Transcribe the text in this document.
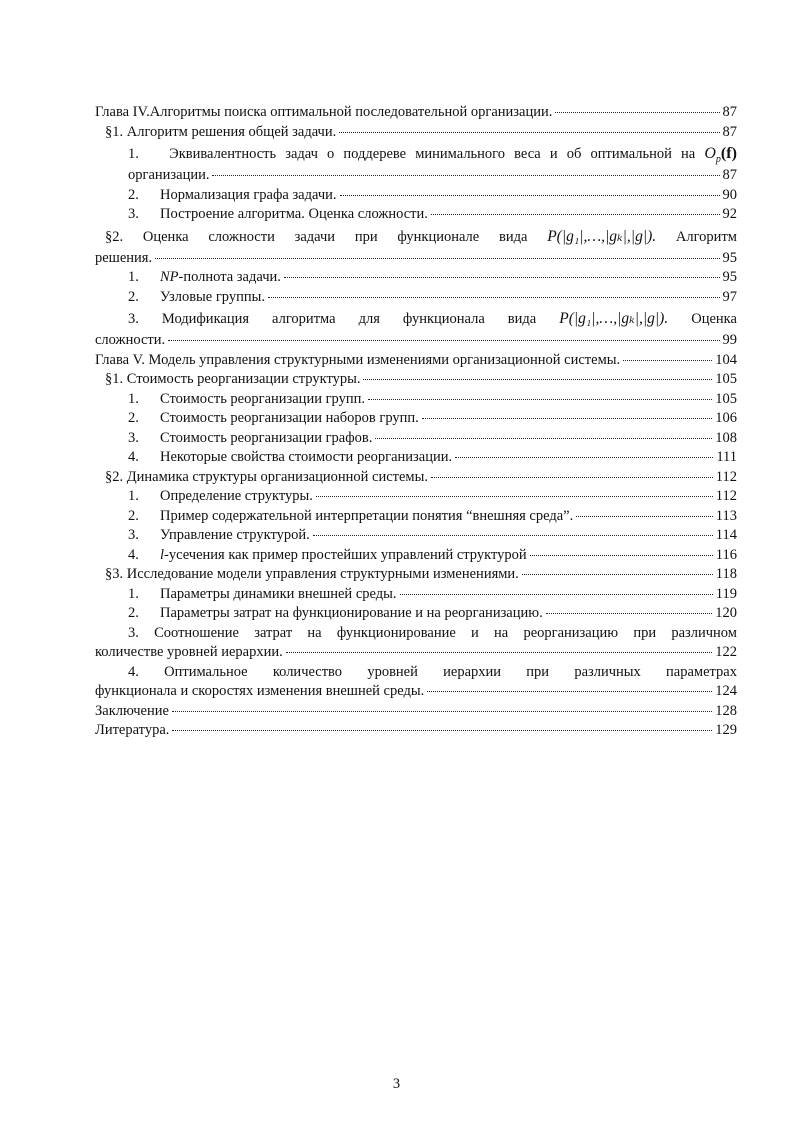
Глава IV.Алгоритмы поиска оптимальной последовательной организации.	87
§1. Алгоритм решения общей задачи.	87
1.	Эквивалентность задач о поддереве минимального веса и об оптимальной на $O_p(f)$
организации.	87
2.	Нормализация графа задачи.	90
3.	Построение алгоритма. Оценка сложности.	92
§2. Оценка сложности задачи при функционале вида P(|g₁|,…,|gₖ|,|g|). Алгоритм
решения.	95
1.	NP -полнота задачи.	95
2.	Узловые группы.	97
3. Модификация алгоритма для функционала вида P(|g₁|,…,|gₖ|,|g|). Оценка
сложности.	99
Глава V. Модель управления структурными изменениями организационной системы.	104
§1. Стоимость реорганизации структуры.	105
1.	Стоимость реорганизации групп.	105
2.	Стоимость реорганизации наборов групп.	106
3.	Стоимость реорганизации графов.	108
4.	Некоторые свойства стоимости реорганизации.	111
§2. Динамика структуры организационной системы.	112
1.	Определение структуры.	112
2.	Пример содержательной интерпретации понятия “внешняя среда”.	113
3.	Управление структурой.	114
4.	l -усечения как пример простейших управлений структурой	116
§3. Исследование модели управления структурными изменениями.	118
1.	Параметры динамики внешней среды.	119
2.	Параметры затрат на функционирование и на реорганизацию.	120
3. Соотношение затрат на функционирование и на реорганизацию при различном
количестве уровней иерархии.	122
4. Оптимальное количество уровней иерархии при различных параметрах
функционала и скоростях изменения внешней среды.	124
Заключение	128
Литература.	129
3
